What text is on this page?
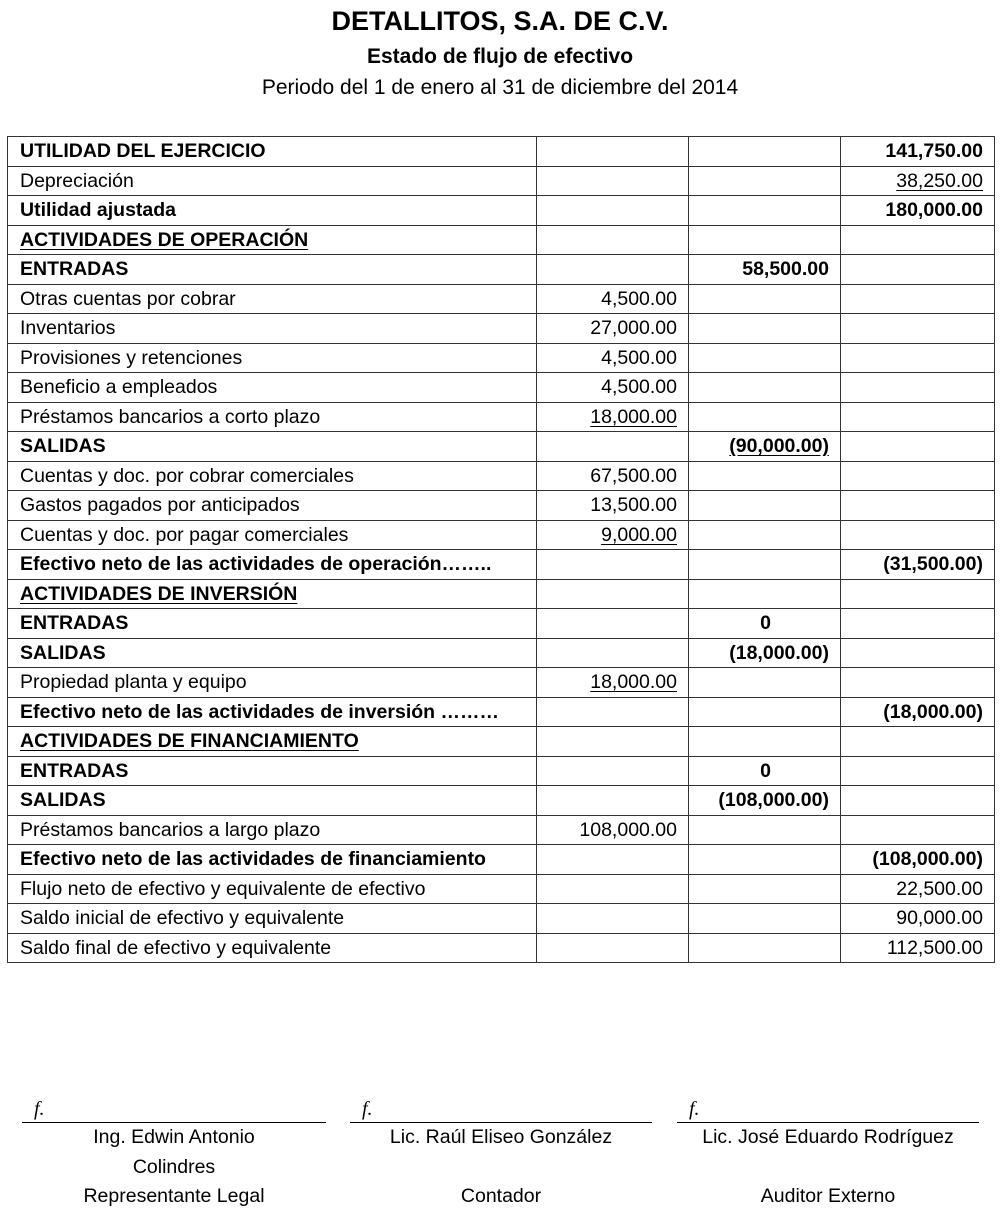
DETALLITOS, S.A. DE C.V.
Estado de flujo de efectivo
Periodo del 1 de enero al 31 de diciembre del 2014
UTILIDAD DEL EJERCICIO			141,750.00
Depreciación			38,250.00
Utilidad ajustada			180,000.00
ACTIVIDADES DE OPERACIÓN			
ENTRADAS		58,500.00	
Otras cuentas por cobrar	4,500.00		
Inventarios	27,000.00		
Provisiones y retenciones	4,500.00		
Beneficio a empleados	4,500.00		
Préstamos bancarios a corto plazo	18,000.00		
SALIDAS		(90,000.00)	
Cuentas y doc. por cobrar comerciales	67,500.00		
Gastos pagados por anticipados	13,500.00		
Cuentas y doc. por pagar comerciales	9,000.00		
Efectivo neto de las actividades de operación……..			(31,500.00)
ACTIVIDADES DE INVERSIÓN			
ENTRADAS		0	
SALIDAS		(18,000.00)	
Propiedad planta y equipo	18,000.00		
Efectivo neto de las actividades de inversión ………			(18,000.00)
ACTIVIDADES DE FINANCIAMIENTO			
ENTRADAS		0	
SALIDAS		(108,000.00)	
Préstamos bancarios a largo plazo	108,000.00		
Efectivo neto de las actividades de financiamiento			(108,000.00)
Flujo neto de efectivo y equivalente de efectivo			22,500.00
Saldo inicial de efectivo y equivalente			90,000.00
Saldo final de efectivo y equivalente			112,500.00
f.
Ing. Edwin Antonio
Colindres
Representante Legal
f.
Lic. Raúl Eliseo González
Contador
f.
Lic. José Eduardo Rodríguez
Auditor Externo
